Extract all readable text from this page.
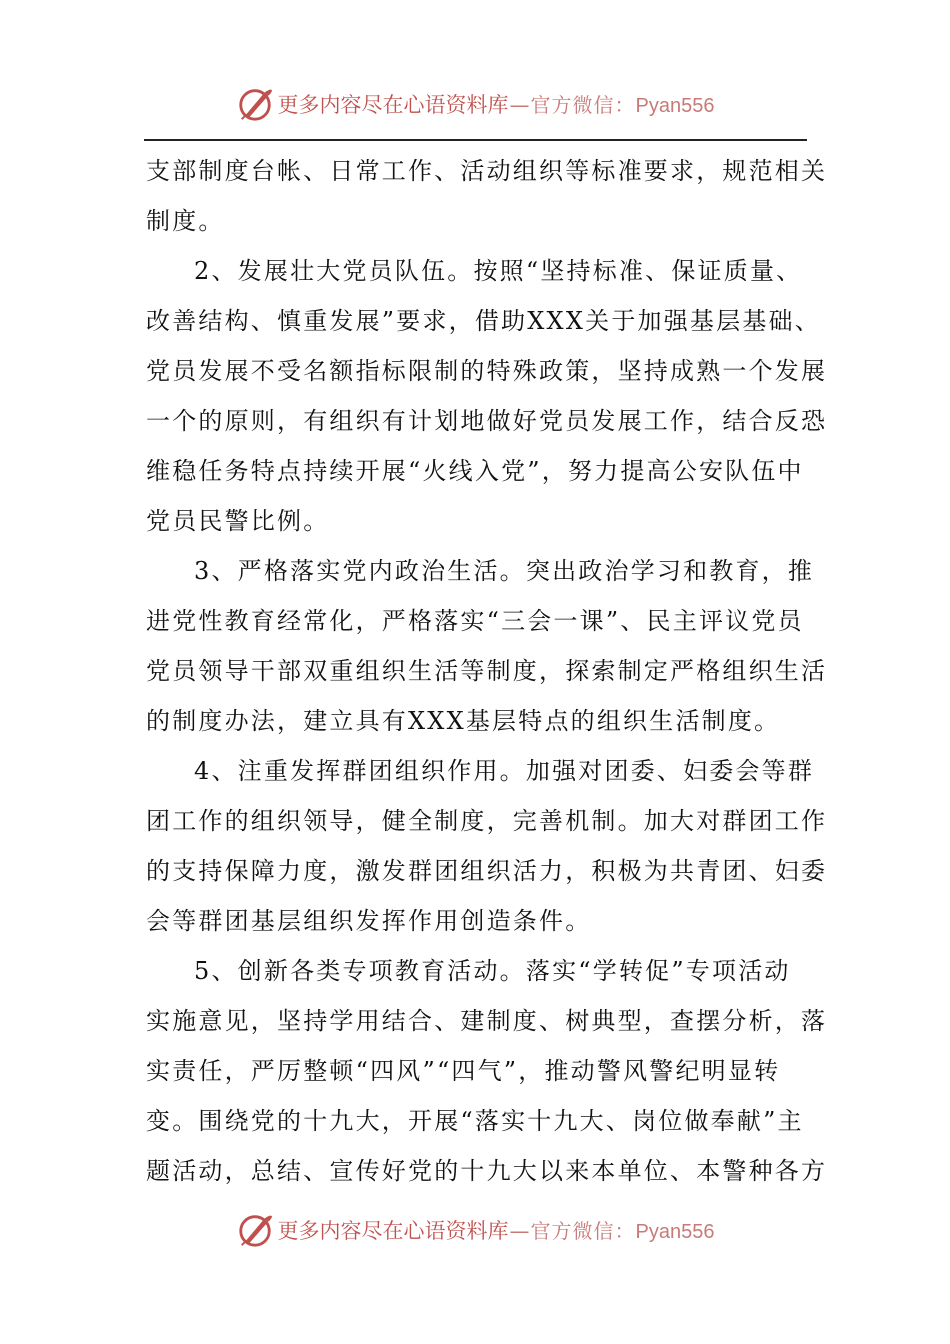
更多内容尽在心语资料库 — 官方微信： Pyan556
支部制度台帐、日常工作、活动组织等标准要求，规范相关
制度。
2、发展壮大党员队伍。按照“坚持标准、保证质量、
改善结构、慎重发展”要求，借助XXX关于加强基层基础、
党员发展不受名额指标限制的特殊政策，坚持成熟一个发展
一个的原则，有组织有计划地做好党员发展工作，结合反恐
维稳任务特点持续开展“火线入党”，努力提高公安队伍中
党员民警比例。
3、严格落实党内政治生活。突出政治学习和教育，推
进党性教育经常化，严格落实“三会一课”、民主评议党员
党员领导干部双重组织生活等制度，探索制定严格组织生活
的制度办法，建立具有XXX基层特点的组织生活制度。
4、注重发挥群团组织作用。加强对团委、妇委会等群
团工作的组织领导，健全制度，完善机制。加大对群团工作
的支持保障力度，激发群团组织活力，积极为共青团、妇委
会等群团基层组织发挥作用创造条件。
5、创新各类专项教育活动。落实“学转促”专项活动
实施意见，坚持学用结合、建制度、树典型，查摆分析，落
实责任，严厉整顿“四风”“四气”，推动警风警纪明显转
变。围绕党的十九大，开展“落实十九大、岗位做奉献”主
题活动，总结、宣传好党的十九大以来本单位、本警种各方
更多内容尽在心语资料库 — 官方微信： Pyan556
